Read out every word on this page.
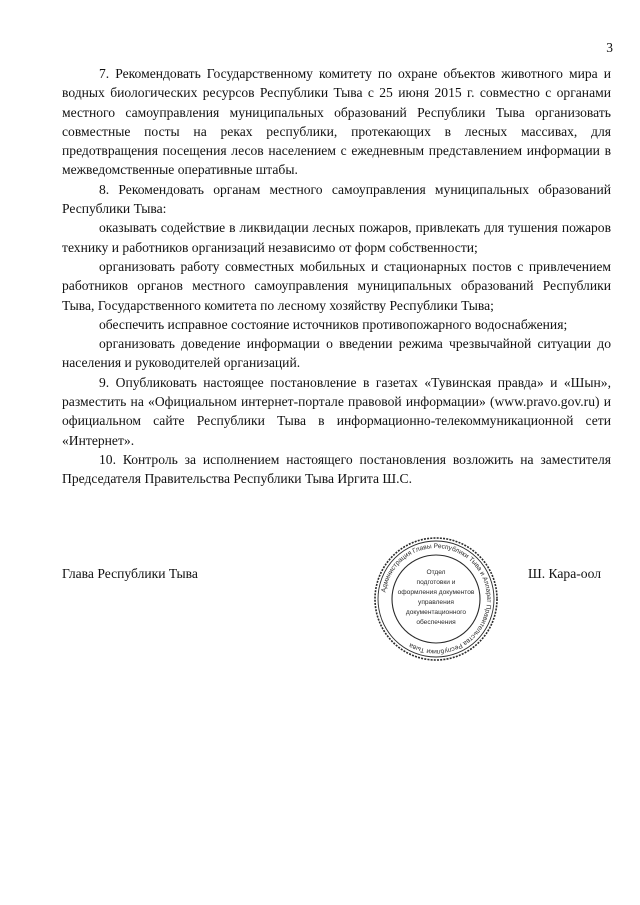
3

7. Рекомендовать Государственному комитету по охране объектов животного мира и водных биологических ресурсов Республики Тыва с 25 июня 2015 г. совместно с органами местного самоуправления муниципальных образований Республики Тыва организовать совместные посты на реках республики, протекающих в лесных массивах, для предотвращения посещения лесов населением с ежедневным представлением информации в межведомственные оперативные штабы.

8. Рекомендовать органам местного самоуправления муниципальных образований Республики Тыва:

оказывать содействие в ликвидации лесных пожаров, привлекать для тушения пожаров технику и работников организаций независимо от форм собственности;

организовать работу совместных мобильных и стационарных постов с привлечением работников органов местного самоуправления муниципальных образований Республики Тыва, Государственного комитета по лесному хозяйству Республики Тыва;

обеспечить исправное состояние источников противопожарного водоснабжения;

организовать доведение информации о введении режима чрезвычайной ситуации до населения и руководителей организаций.

9. Опубликовать настоящее постановление в газетах «Тувинская правда» и «Шын», разместить на «Официальном интернет-портале правовой информации» (www.pravo.gov.ru) и официальном сайте Республики Тыва в информационно-телекоммуникационной сети «Интернет».

10. Контроль за исполнением настоящего постановления возложить на заместителя Председателя Правительства Республики Тыва Иргита Ш.С.

Глава Республики Тыва
Администрация Главы Республики Тыва и Аппарат Правительства Республики Тыва
Отдел
подготовки и
оформления документов
управления
документационного
обеспечения
Ш. Кара-оол
